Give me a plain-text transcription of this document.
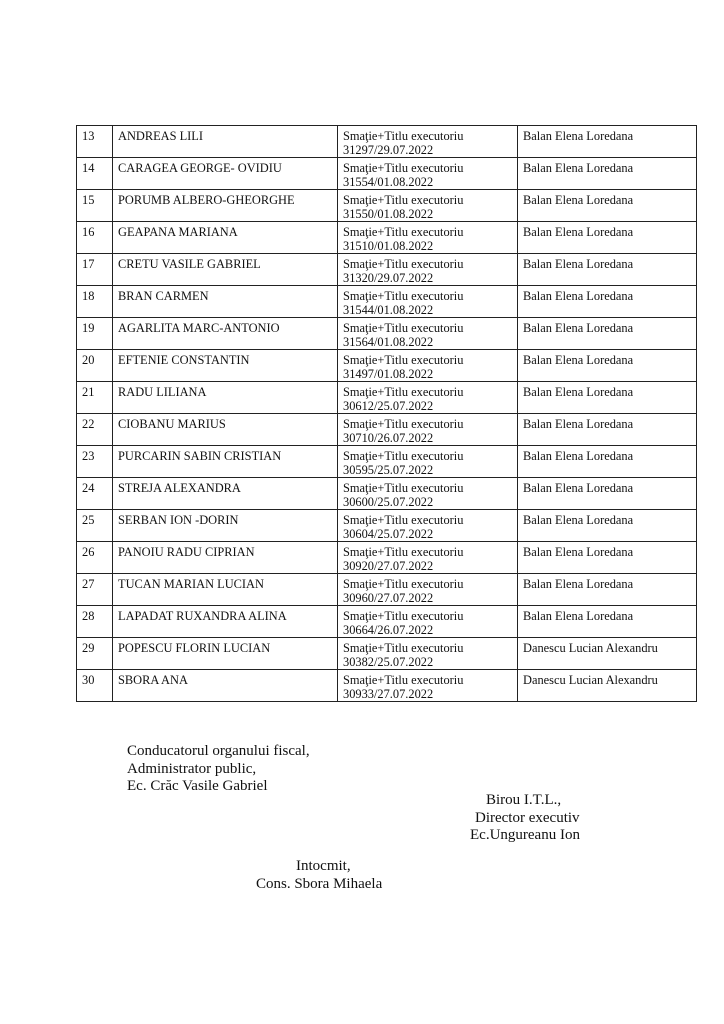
13	ANDREAS LILI	Smaţie+Titlu executoriu
31297/29.07.2022	Balan Elena Loredana
14	CARAGEA GEORGE- OVIDIU	Smaţie+Titlu executoriu
31554/01.08.2022	Balan Elena Loredana
15	PORUMB ALBERO-GHEORGHE	Smaţie+Titlu executoriu
31550/01.08.2022	Balan Elena Loredana
16	GEAPANA MARIANA	Smaţie+Titlu executoriu
31510/01.08.2022	Balan Elena Loredana
17	CRETU VASILE GABRIEL	Smaţie+Titlu executoriu
31320/29.07.2022	Balan Elena Loredana
18	BRAN CARMEN	Smaţie+Titlu executoriu
31544/01.08.2022	Balan Elena Loredana
19	AGARLITA MARC-ANTONIO	Smaţie+Titlu executoriu
31564/01.08.2022	Balan Elena Loredana
20	EFTENIE CONSTANTIN	Smaţie+Titlu executoriu
31497/01.08.2022	Balan Elena Loredana
21	RADU LILIANA	Smaţie+Titlu executoriu
30612/25.07.2022	Balan Elena Loredana
22	CIOBANU MARIUS	Smaţie+Titlu executoriu
30710/26.07.2022	Balan Elena Loredana
23	PURCARIN SABIN CRISTIAN	Smaţie+Titlu executoriu
30595/25.07.2022	Balan Elena Loredana
24	STREJA ALEXANDRA	Smaţie+Titlu executoriu
30600/25.07.2022	Balan Elena Loredana
25	SERBAN ION -DORIN	Smaţie+Titlu executoriu
30604/25.07.2022	Balan Elena Loredana
26	PANOIU RADU CIPRIAN	Smaţie+Titlu executoriu
30920/27.07.2022	Balan Elena Loredana
27	TUCAN MARIAN LUCIAN	Smaţie+Titlu executoriu
30960/27.07.2022	Balan Elena Loredana
28	LAPADAT RUXANDRA ALINA	Smaţie+Titlu executoriu
30664/26.07.2022	Balan Elena Loredana
29	POPESCU FLORIN LUCIAN	Smaţie+Titlu executoriu
30382/25.07.2022	Danescu Lucian Alexandru
30	SBORA ANA	Smaţie+Titlu executoriu
30933/27.07.2022	Danescu Lucian Alexandru
Conducatorul organului fiscal,
Administrator public,
Ec. Crăc Vasile Gabriel
Birou I.T.L.,
Director executiv
Ec.Ungureanu Ion
Intocmit,
Cons. Sbora Mihaela
